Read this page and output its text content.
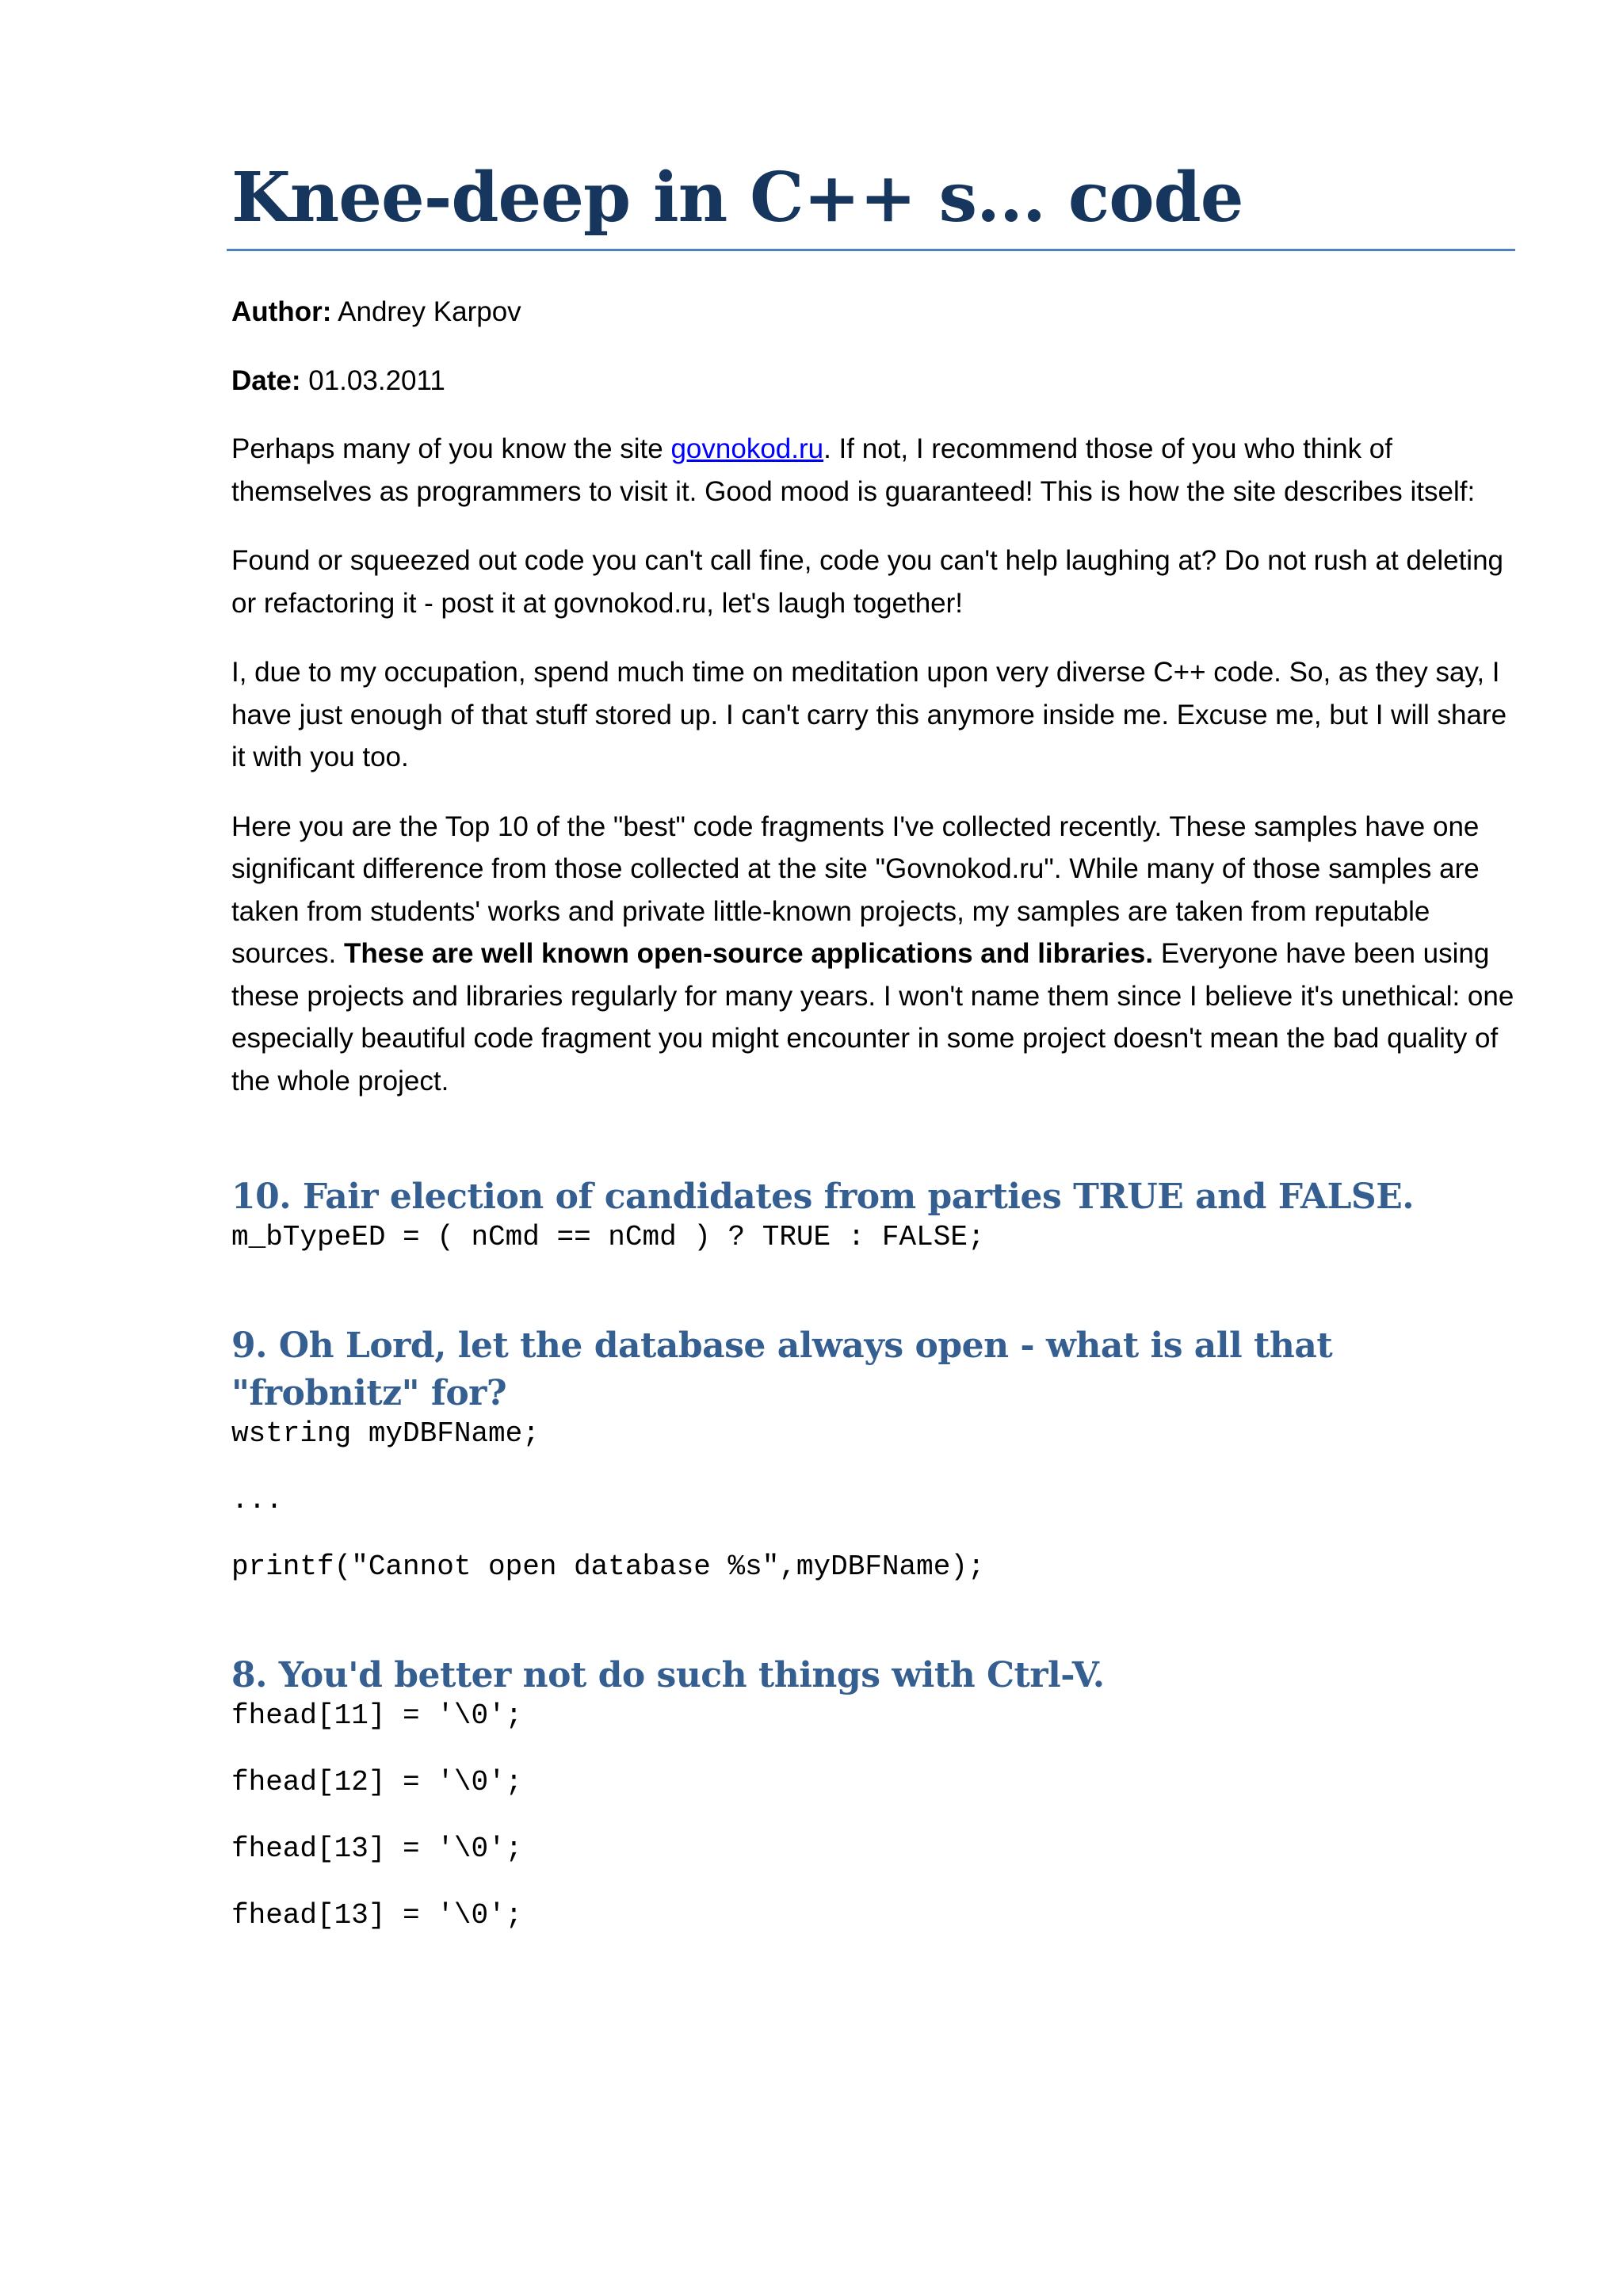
Knee-deep in C++ s... code

Author: Andrey Karpov

Date: 01.03.2011

Perhaps many of you know the site govnokod.ru. If not, I recommend those of you who think of themselves as programmers to visit it. Good mood is guaranteed! This is how the site describes itself:

Found or squeezed out code you can't call fine, code you can't help laughing at? Do not rush at deleting or refactoring it - post it at govnokod.ru, let's laugh together!

I, due to my occupation, spend much time on meditation upon very diverse C++ code. So, as they say, I have just enough of that stuff stored up. I can't carry this anymore inside me. Excuse me, but I will share it with you too.

Here you are the Top 10 of the "best" code fragments I've collected recently. These samples have one significant difference from those collected at the site "Govnokod.ru". While many of those samples are taken from students' works and private little-known projects, my samples are taken from reputable sources. These are well known open-source applications and libraries. Everyone have been using these projects and libraries regularly for many years. I won't name them since I believe it's unethical: one especially beautiful code fragment you might encounter in some project doesn't mean the bad quality of the whole project.

10. Fair election of candidates from parties TRUE and FALSE.

m_bTypeED = ( nCmd == nCmd ) ? TRUE : FALSE;

9. Oh Lord, let the database always open - what is all that "frobnitz" for?

wstring myDBFName;

...

printf("Cannot open database %s",myDBFName);

8. You'd better not do such things with Ctrl-V.

fhead[11] = '\0';

fhead[12] = '\0';

fhead[13] = '\0';

fhead[13] = '\0';
